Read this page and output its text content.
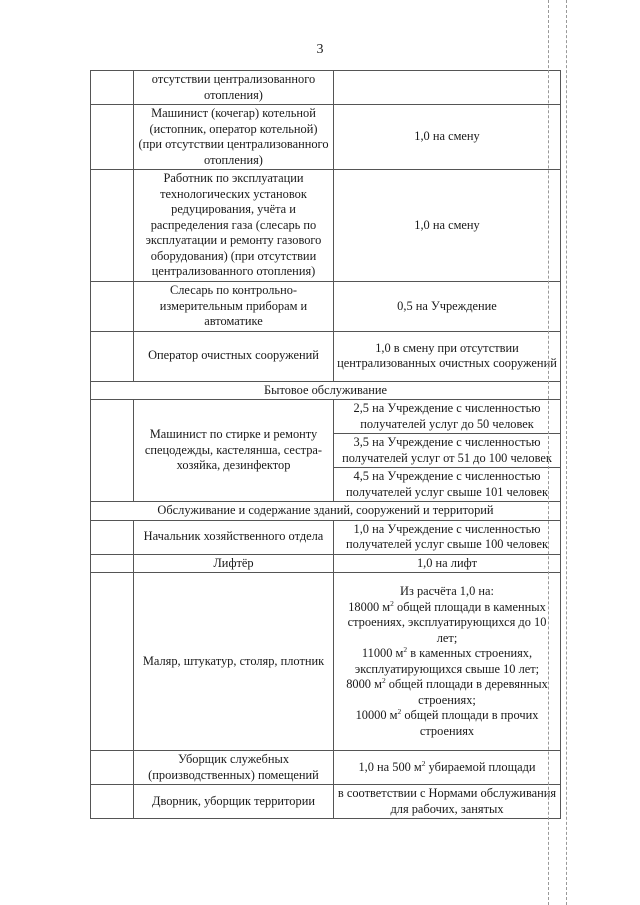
3
	отсутствии централизованного отопления)	
	Машинист (кочегар) котельной (истопник, оператор котельной) (при отсутствии централизованного отопления)	1,0 на смену
	Работник по эксплуатации технологических установок редуцирования, учёта и распределения газа (слесарь по эксплуатации и ремонту газового оборудования) (при отсутствии централизованного отопления)	1,0 на смену
	Слесарь по контрольно-измерительным приборам и автоматике	0,5 на Учреждение
	Оператор очистных сооружений	1,0 в смену при отсутствии централизованных очистных сооружений
Бытовое обслуживание		
	Машинист по стирке и ремонту спецодежды, кастелянша, сестра-хозяйка, дезинфектор	2,5 на Учреждение с численностью получателей услуг до 50 человек
		3,5 на Учреждение с численностью получателей услуг от 51 до 100 человек
		4,5 на Учреждение с численностью получателей услуг свыше 101 человек
Обслуживание и содержание зданий, сооружений и территорий		
	Начальник хозяйственного отдела	1,0 на Учреждение с численностью получателей услуг свыше 100 человек
	Лифтёр	1,0 на лифт
	Маляр, штукатур, столяр, плотник	Из расчёта 1,0 на:
18000 $м^2$ общей площади в каменных строениях, эксплуатирующихся до 10 лет;
11000 $м^2$ в каменных строениях, эксплуатирующихся свыше 10 лет;
8000 $м^2$ общей площади в деревянных строениях;
10000 $м^2$ общей площади в прочих строениях

	Уборщик служебных (производственных) помещений	1,0 на 500 $м^2$ убираемой площади
	Дворник, уборщик территории	в соответствии с Нормами обслуживания для рабочих, занятых
